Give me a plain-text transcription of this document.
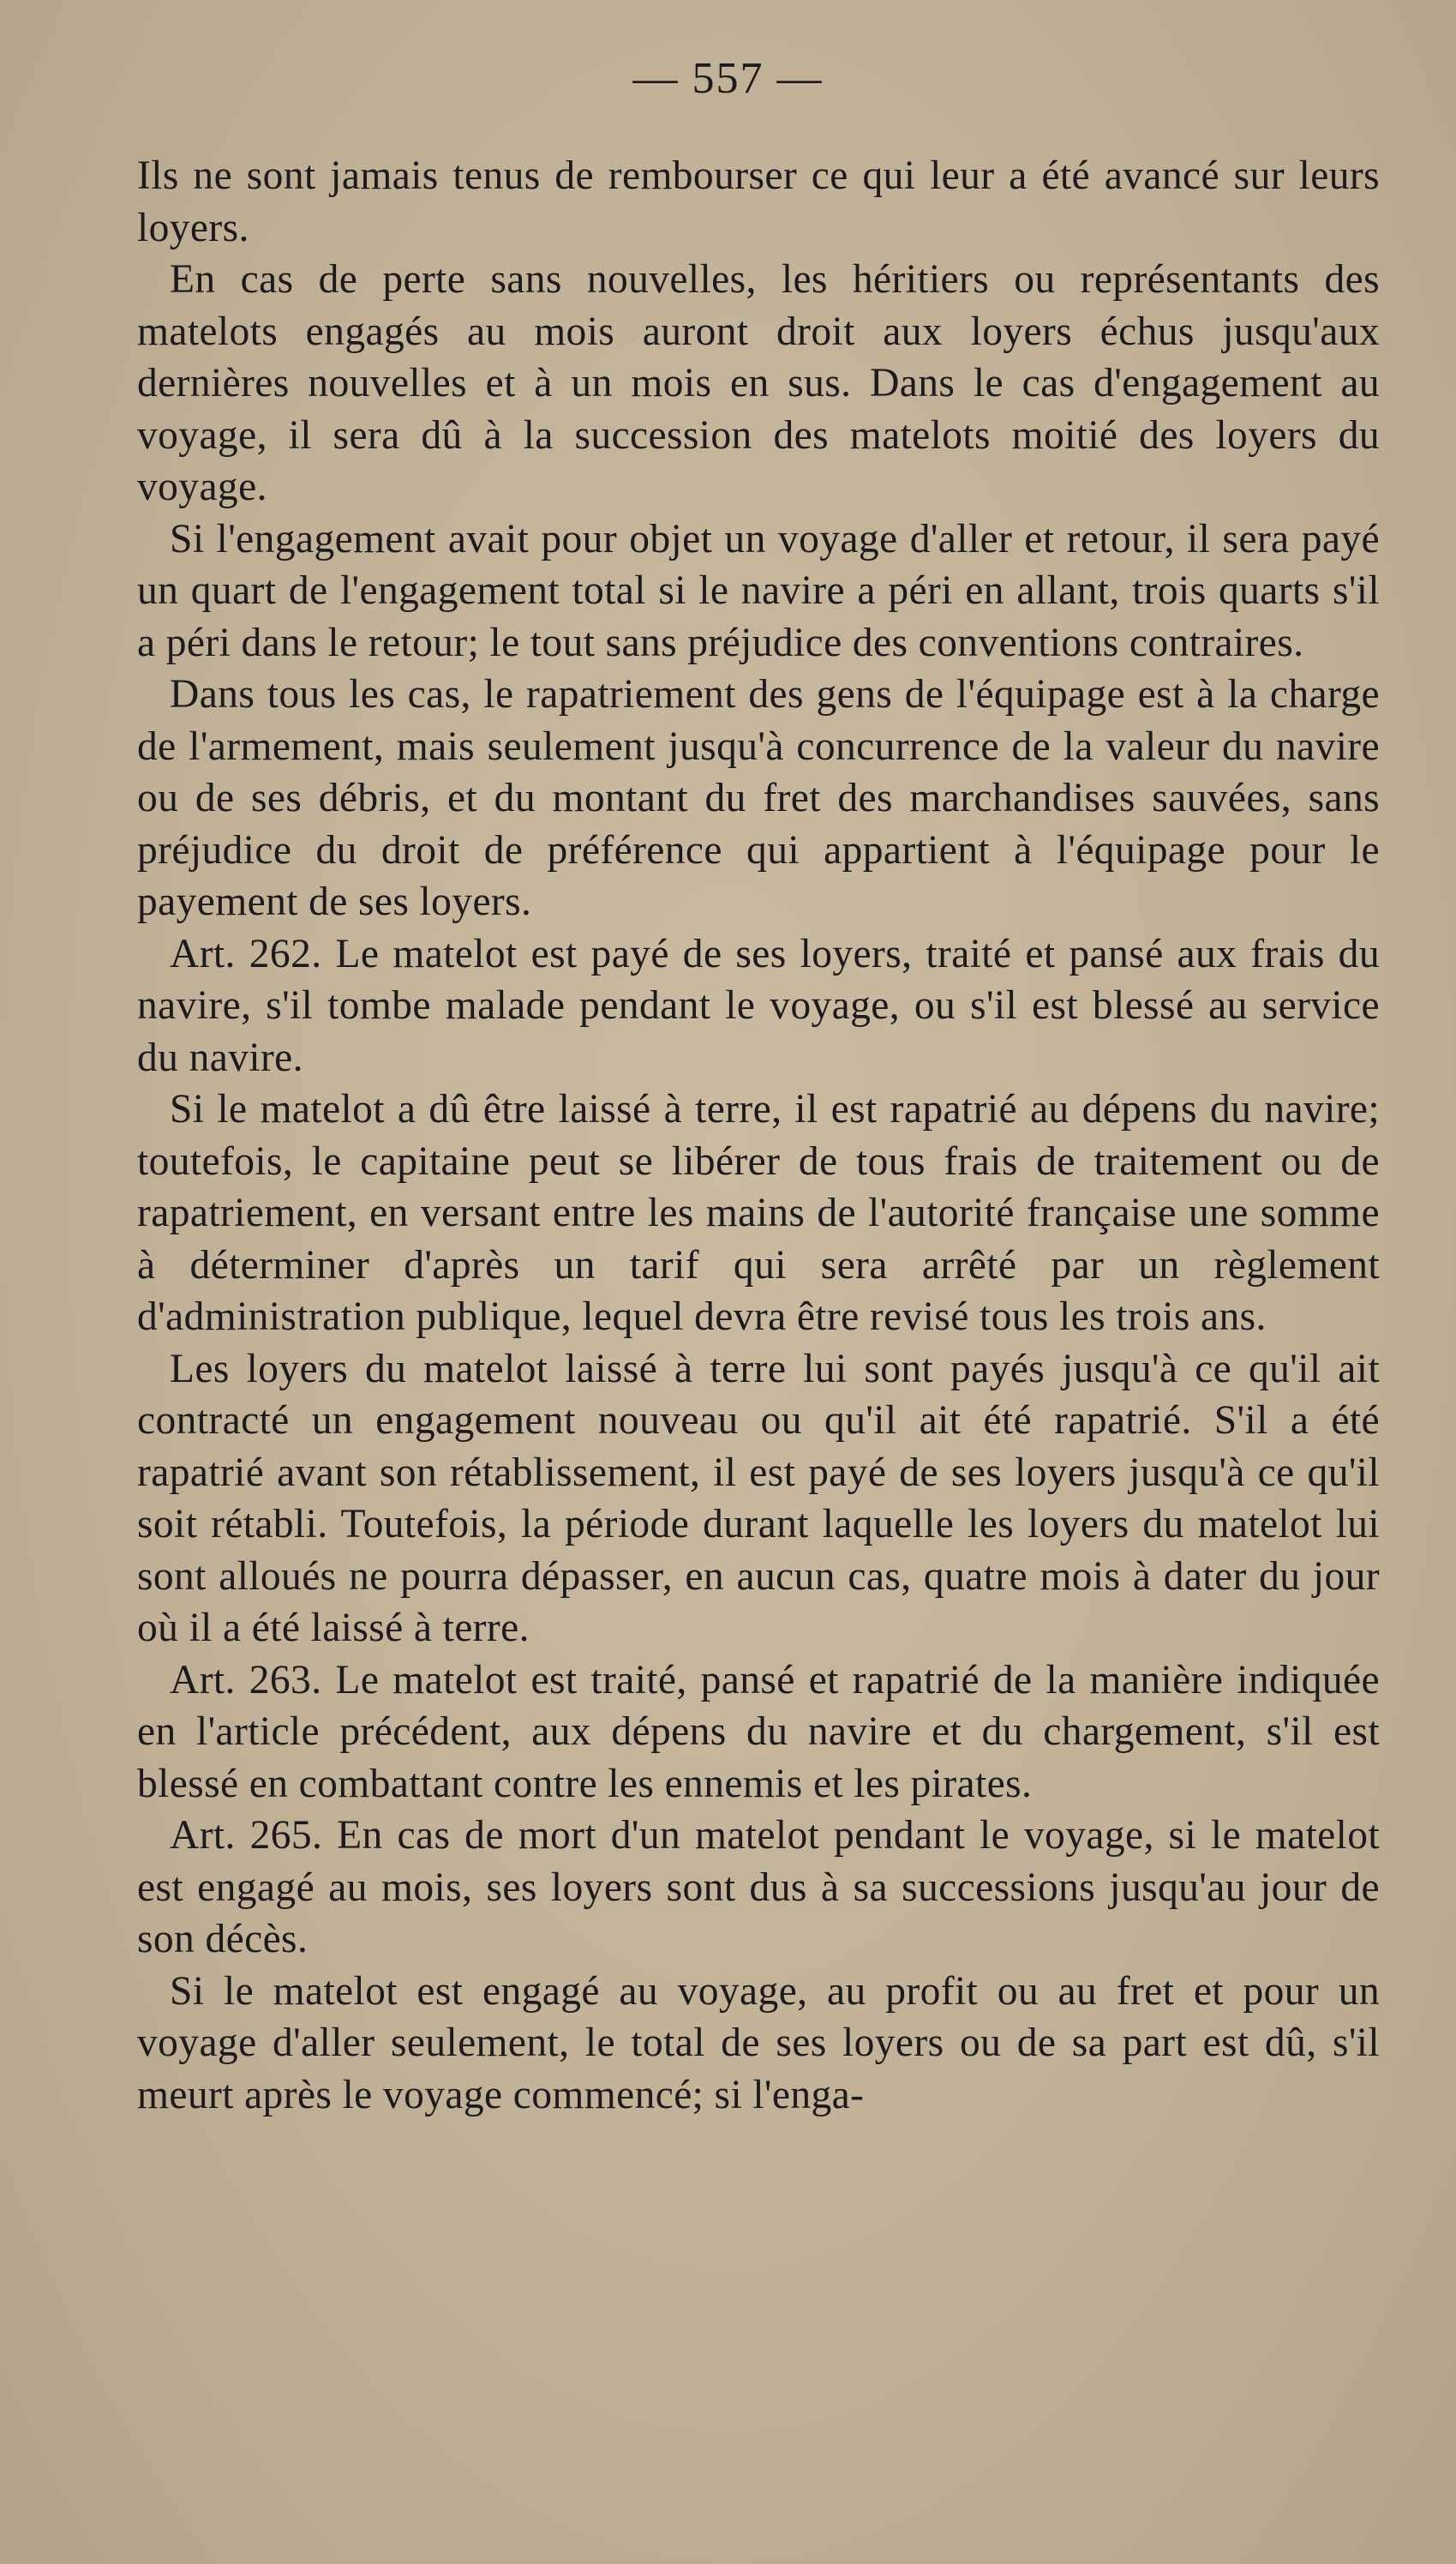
— 557 —

Ils ne sont jamais tenus de rembourser ce qui leur a été avancé sur leurs loyers.

En cas de perte sans nouvelles, les héritiers ou représentants des matelots engagés au mois auront droit aux loyers échus jusqu'aux dernières nouvelles et à un mois en sus. Dans le cas d'engagement au voyage, il sera dû à la succession des matelots moitié des loyers du voyage.

Si l'engagement avait pour objet un voyage d'aller et retour, il sera payé un quart de l'engagement total si le navire a péri en allant, trois quarts s'il a péri dans le retour; le tout sans préjudice des conventions contraires.

Dans tous les cas, le rapatriement des gens de l'équipage est à la charge de l'armement, mais seulement jusqu'à concurrence de la valeur du navire ou de ses débris, et du montant du fret des marchandises sauvées, sans préjudice du droit de préférence qui appartient à l'équipage pour le payement de ses loyers.

Art. 262. Le matelot est payé de ses loyers, traité et pansé aux frais du navire, s'il tombe malade pendant le voyage, ou s'il est blessé au service du navire.

Si le matelot a dû être laissé à terre, il est rapatrié au dépens du navire; toutefois, le capitaine peut se libérer de tous frais de traitement ou de rapatriement, en versant entre les mains de l'autorité française une somme à déterminer d'après un tarif qui sera arrêté par un règlement d'administration publique, lequel devra être revisé tous les trois ans.

Les loyers du matelot laissé à terre lui sont payés jusqu'à ce qu'il ait contracté un engagement nouveau ou qu'il ait été rapatrié. S'il a été rapatrié avant son rétablissement, il est payé de ses loyers jusqu'à ce qu'il soit rétabli. Toutefois, la période durant laquelle les loyers du matelot lui sont alloués ne pourra dépasser, en aucun cas, quatre mois à dater du jour où il a été laissé à terre.

Art. 263. Le matelot est traité, pansé et rapatrié de la manière indiquée en l'article précédent, aux dépens du navire et du chargement, s'il est blessé en combattant contre les ennemis et les pirates.

Art. 265. En cas de mort d'un matelot pendant le voyage, si le matelot est engagé au mois, ses loyers sont dus à sa successions jusqu'au jour de son décès.

Si le matelot est engagé au voyage, au profit ou au fret et pour un voyage d'aller seulement, le total de ses loyers ou de sa part est dû, s'il meurt après le voyage commencé; si l'enga-
